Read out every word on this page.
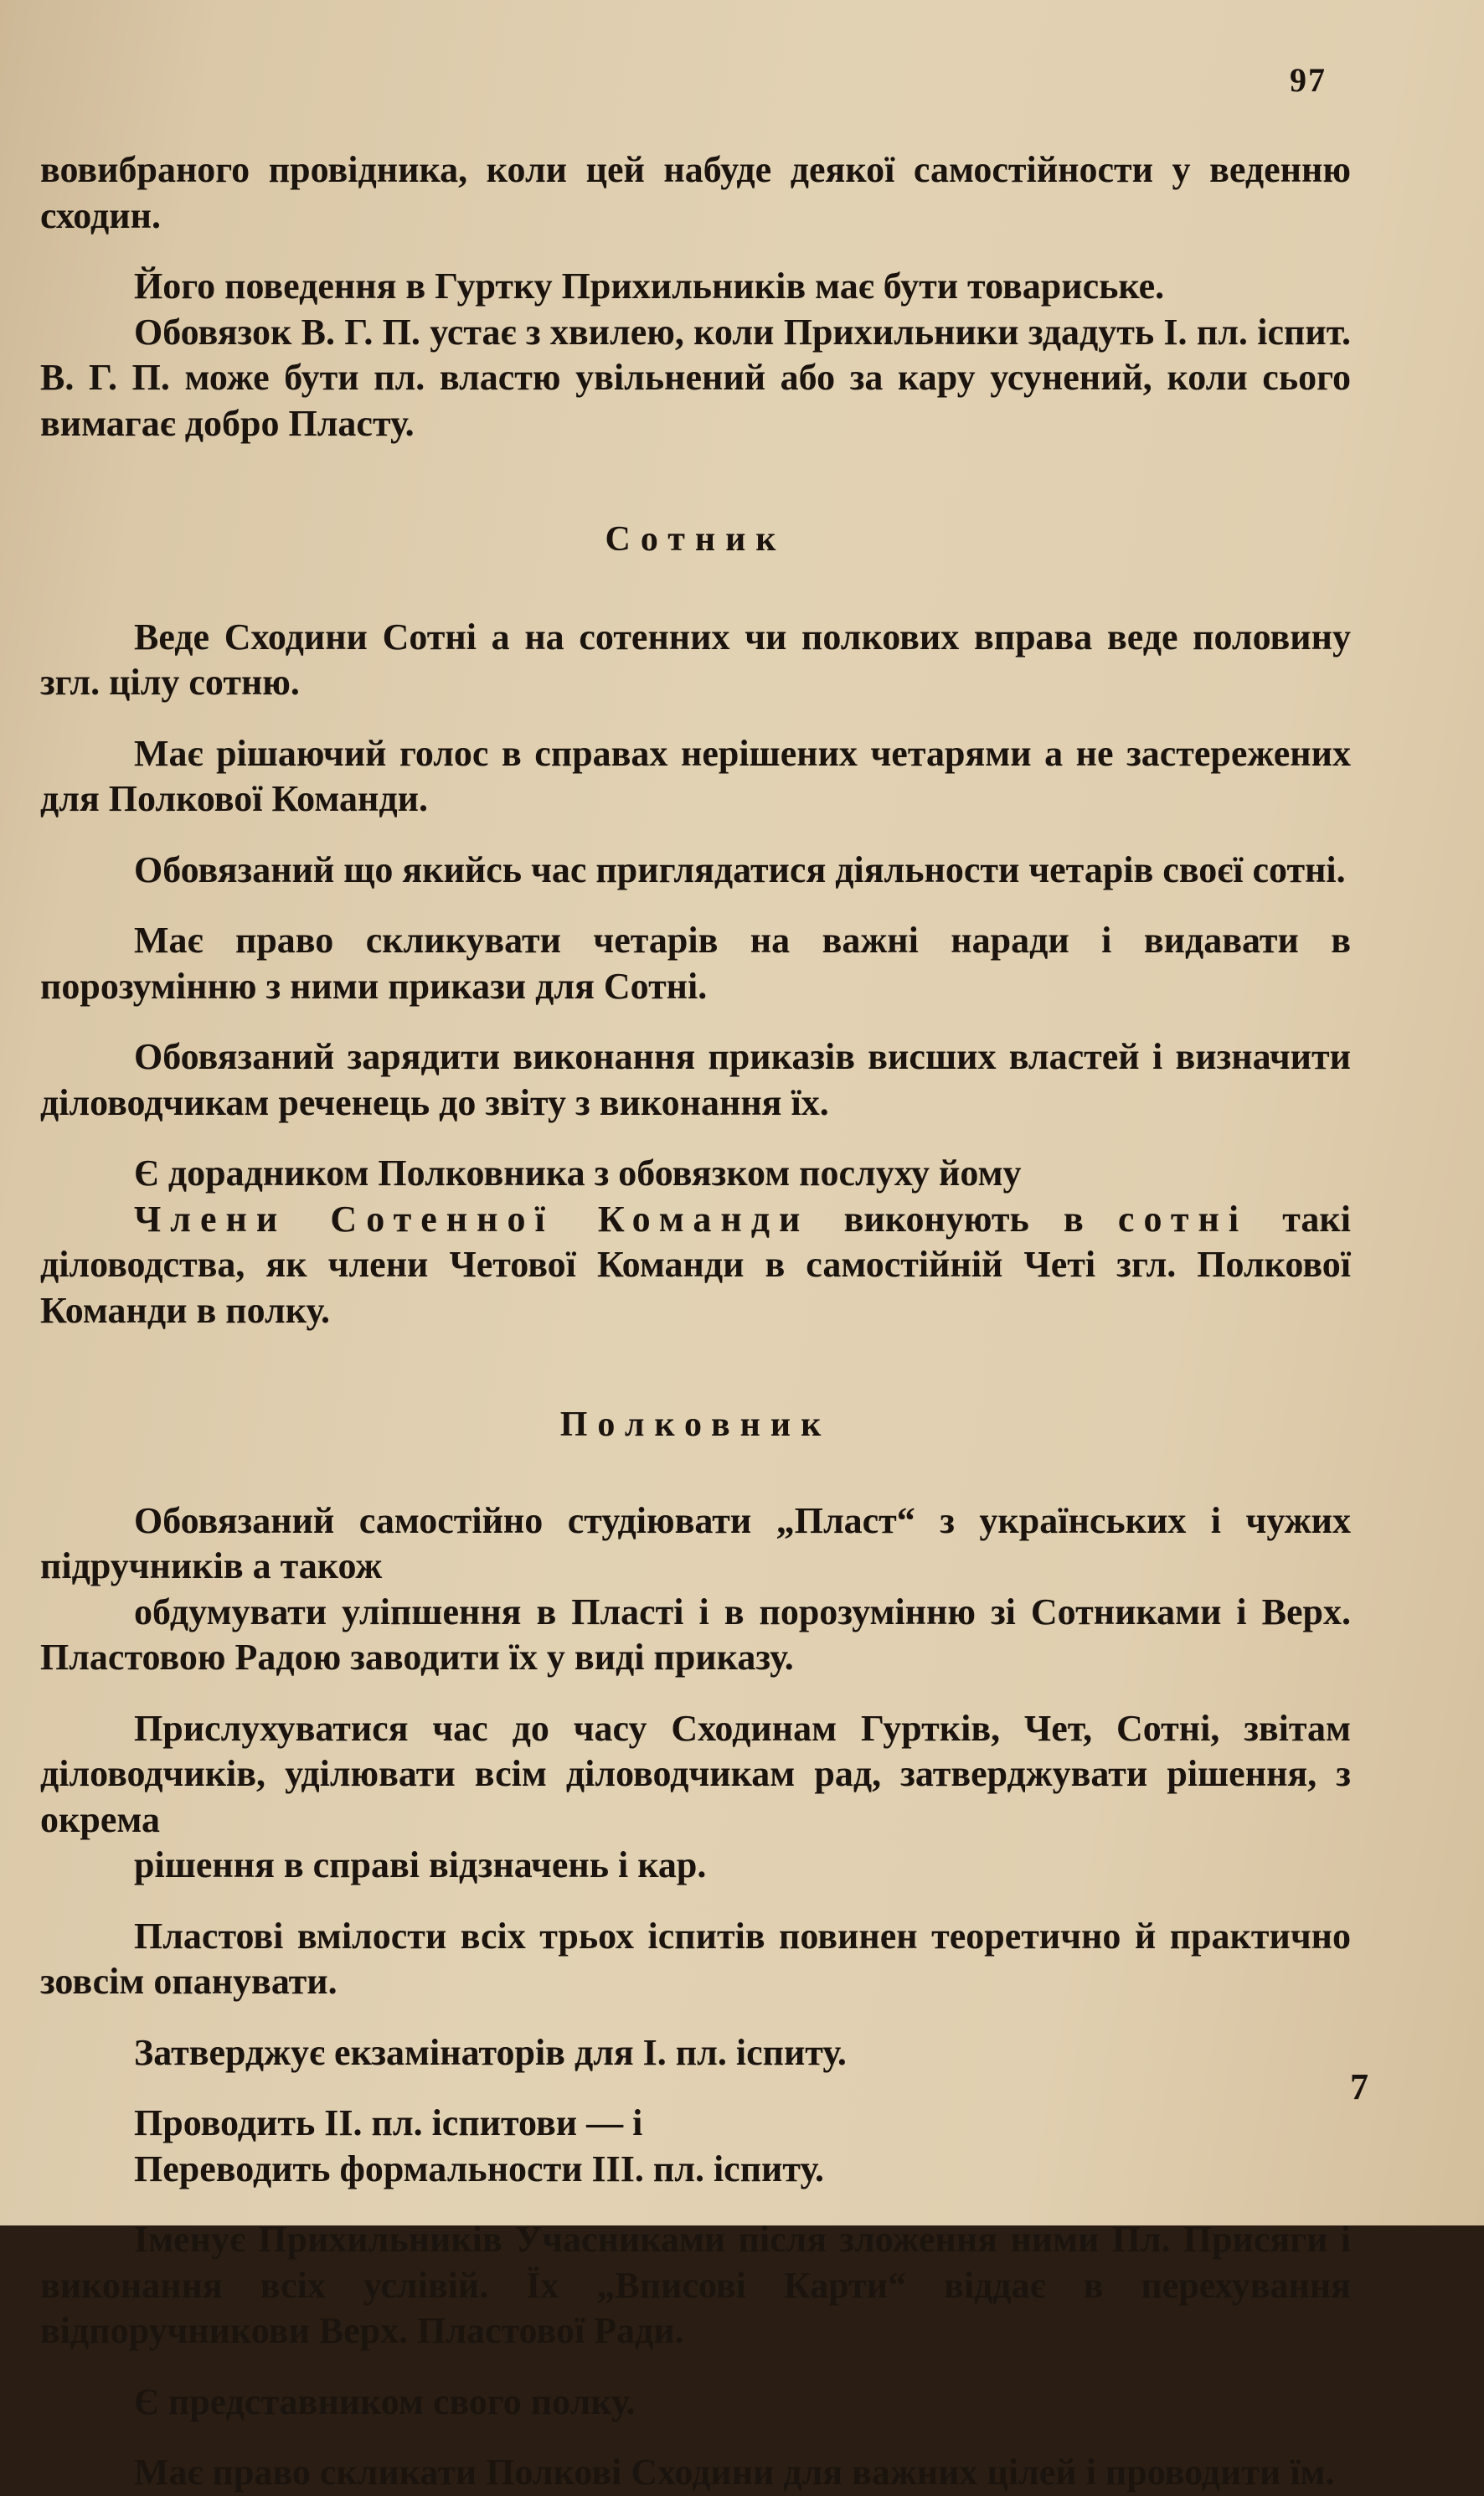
97

вовибраного провідника, коли цей набуде деякої самостійности у веденню сходин.

Його поведення в Гуртку Прихильників має бути товариське.

Обовязок В. Г. П. устає з хвилею, коли Прихильники здадуть І. пл. іспит. В. Г. П. може бути пл. властю увільнений або за кару усунений, коли сього вимагає добро Пласту.

Сотник

Веде Сходини Сотні а на сотенних чи полкових вправа веде половину згл. цілу сотню.

Має рішаючий голос в справах нерішених четарями а не застережених для Полкової Команди.

Обовязаний що якийсь час приглядатися діяльности четарів своєї сотні.

Має право скликувати четарів на важні наради і видавати в порозумінню з ними прикази для Сотні.

Обовязаний зарядити виконання приказів висших властей і визначити діловодчикам реченець до звіту з виконання їх.

Є дорадником Полковника з обовязком послуху йому

Члени Сотенної Команди виконують в сотні такі діловодства, як члени Четової Команди в самостійній Четі згл. Полкової Команди в полку.

Полковник

Обовязаний самостійно студіювати „Пласт“ з українських і чужих підручників а також

обдумувати уліпшення в Пласті і в порозумінню зі Сотниками і Верх. Пластовою Радою заводити їх у виді приказу.

Прислухуватися час до часу Сходинам Гуртків, Чет, Сотні, звітам діловодчиків, уділювати всім діловодчикам рад, затверджувати рішення, з окрема

рішення в справі відзначень і кар.

Пластові вмілости всіх трьох іспитів повинен теоретично й практично зовсім опанувати.

Затверджує екзамінаторів для І. пл. іспиту.

Проводить ІІ. пл. іспитови — і

Переводить формальности ІІІ. пл. іспиту.

Іменує Прихильників Учасниками після зложення ними Пл. Присяги і виконання всіх услівій. Їх „Вписові Карти“ віддає в перехування відпоручникови Верх. Пластової Ради.

Є представником свого полку.

Має право скликати Полкові Сходини для важних цілей і проводити їм.

7
